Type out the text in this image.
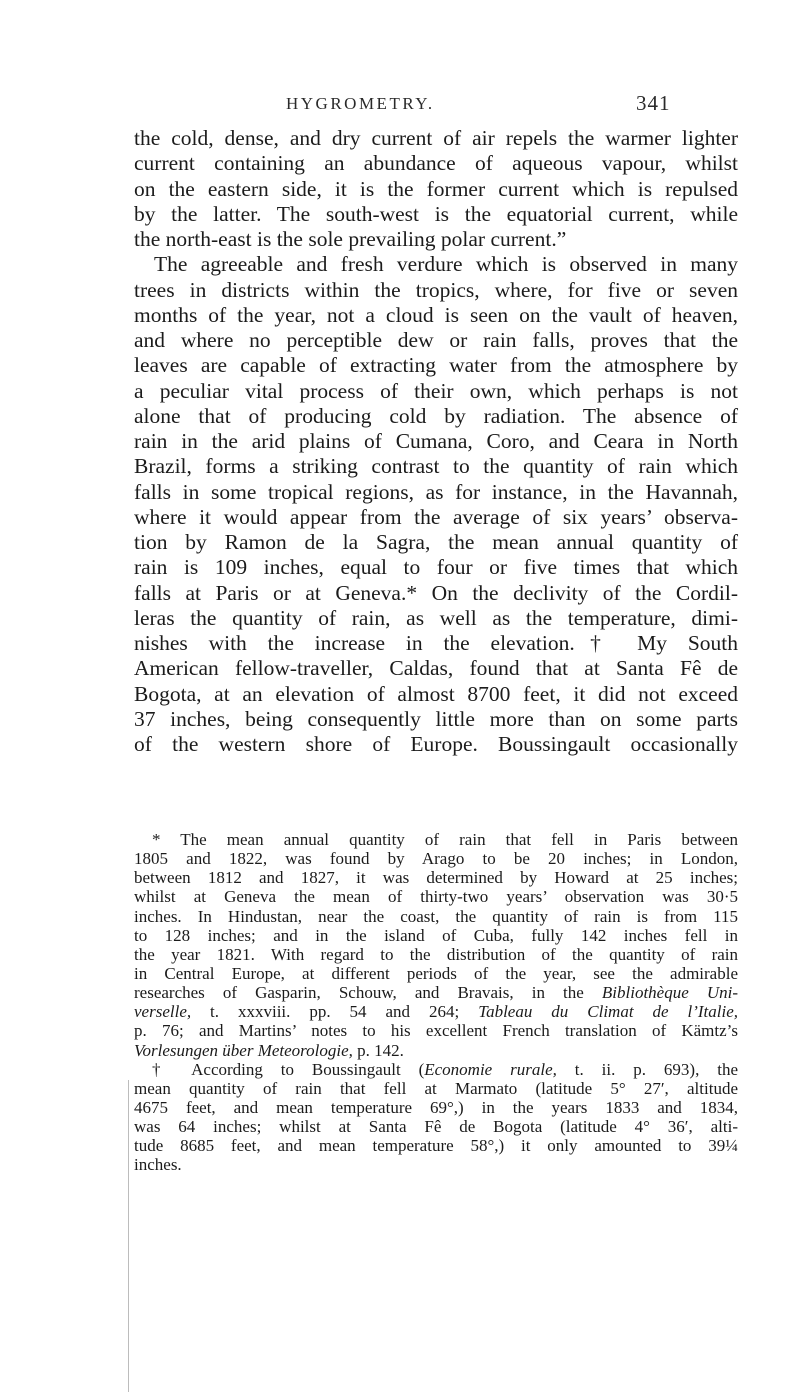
HYGROMETRY.	341
the cold, dense, and dry current of air repels the warmer lighter
current containing an abundance of aqueous vapour, whilst
on the eastern side, it is the former current which is repulsed
by the latter. The south-west is the equatorial current, while
the north-east is the sole prevailing polar current.”
The agreeable and fresh verdure which is observed in many
trees in districts within the tropics, where, for five or seven
months of the year, not a cloud is seen on the vault of heaven,
and where no perceptible dew or rain falls, proves that the
leaves are capable of extracting water from the atmosphere by
a peculiar vital process of their own, which perhaps is not
alone that of producing cold by radiation. The absence of
rain in the arid plains of Cumana, Coro, and Ceara in North
Brazil, forms a striking contrast to the quantity of rain which
falls in some tropical regions, as for instance, in the Havannah,
where it would appear from the average of six years’ observa-
tion by Ramon de la Sagra, the mean annual quantity of
rain is 109 inches, equal to four or five times that which
falls at Paris or at Geneva.* On the declivity of the Cordil-
leras the quantity of rain, as well as the temperature, dimi-
nishes with the increase in the elevation.† My South
American fellow-traveller, Caldas, found that at Santa Fê de
Bogota, at an elevation of almost 8700 feet, it did not exceed
37 inches, being consequently little more than on some parts
of the western shore of Europe. Boussingault occasionally
* The mean annual quantity of rain that fell in Paris between
1805 and 1822, was found by Arago to be 20 inches; in London,
between 1812 and 1827, it was determined by Howard at 25 inches;
whilst at Geneva the mean of thirty-two years’ observation was 30·5
inches. In Hindustan, near the coast, the quantity of rain is from 115
to 128 inches; and in the island of Cuba, fully 142 inches fell in
the year 1821. With regard to the distribution of the quantity of rain
in Central Europe, at different periods of the year, see the admirable
researches of Gasparin, Schouw, and Bravais, in the Bibliothèque Uni-
verselle, t. xxxviii. pp. 54 and 264; Tableau du Climat de l’Italie,
p. 76; and Martins’ notes to his excellent French translation of Kämtz’s
Vorlesungen über Meteorologie, p. 142.
† According to Boussingault (Economie rurale, t. ii. p. 693), the
mean quantity of rain that fell at Marmato (latitude 5° 27′, altitude
4675 feet, and mean temperature 69°,) in the years 1833 and 1834,
was 64 inches; whilst at Santa Fê de Bogota (latitude 4° 36′, alti-
tude 8685 feet, and mean temperature 58°,) it only amounted to 39¼
inches.
